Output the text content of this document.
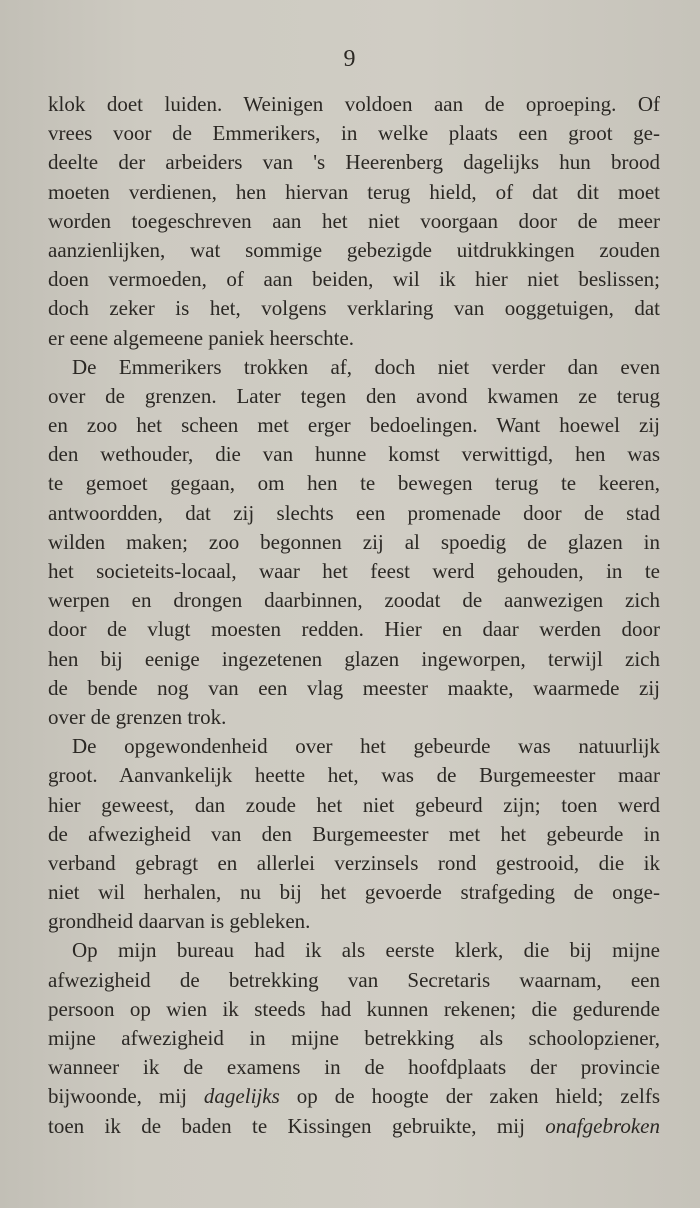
9
klok doet luiden. Weinigen voldoen aan de oproeping. Of
vrees voor de Emmerikers, in welke plaats een groot ge-
deelte der arbeiders van 's Heerenberg dagelijks hun brood
moeten verdienen, hen hiervan terug hield, of dat dit moet
worden toegeschreven aan het niet voorgaan door de meer
aanzienlijken, wat sommige gebezigde uitdrukkingen zouden
doen vermoeden, of aan beiden, wil ik hier niet beslissen;
doch zeker is het, volgens verklaring van ooggetuigen, dat
er eene algemeene paniek heerschte.
De Emmerikers trokken af, doch niet verder dan even
over de grenzen. Later tegen den avond kwamen ze terug
en zoo het scheen met erger bedoelingen. Want hoewel zij
den wethouder, die van hunne komst verwittigd, hen was
te gemoet gegaan, om hen te bewegen terug te keeren,
antwoordden, dat zij slechts een promenade door de stad
wilden maken; zoo begonnen zij al spoedig de glazen in
het societeits-locaal, waar het feest werd gehouden, in te
werpen en drongen daarbinnen, zoodat de aanwezigen zich
door de vlugt moesten redden. Hier en daar werden door
hen bij eenige ingezetenen glazen ingeworpen, terwijl zich
de bende nog van een vlag meester maakte, waarmede zij
over de grenzen trok.
De opgewondenheid over het gebeurde was natuurlijk
groot. Aanvankelijk heette het, was de Burgemeester maar
hier geweest, dan zoude het niet gebeurd zijn; toen werd
de afwezigheid van den Burgemeester met het gebeurde in
verband gebragt en allerlei verzinsels rond gestrooid, die ik
niet wil herhalen, nu bij het gevoerde strafgeding de onge-
grondheid daarvan is gebleken.
Op mijn bureau had ik als eerste klerk, die bij mijne
afwezigheid de betrekking van Secretaris waarnam, een
persoon op wien ik steeds had kunnen rekenen; die gedurende
mijne afwezigheid in mijne betrekking als schoolopziener,
wanneer ik de examens in de hoofdplaats der provincie
bijwoonde, mij dagelijks op de hoogte der zaken hield; zelfs
toen ik de baden te Kissingen gebruikte, mij onafgebroken
